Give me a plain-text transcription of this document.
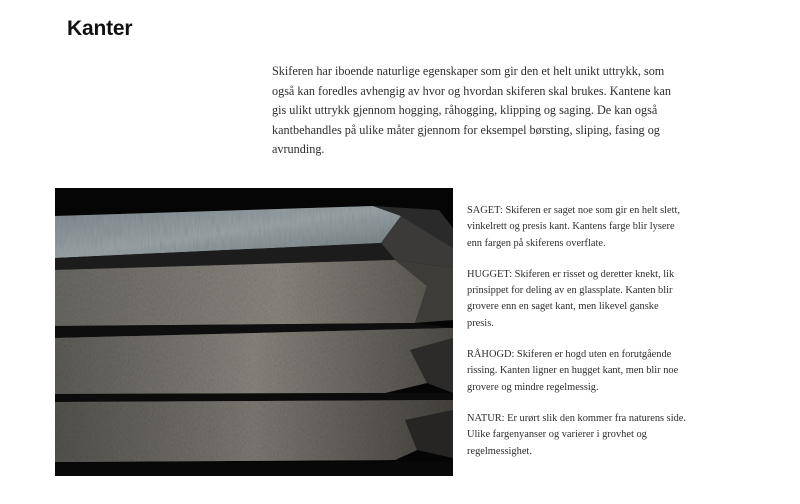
Kanter

Skiferen har iboende naturlige egenskaper som gir den et helt unikt uttrykk, som også kan foredles avhengig av hvor og hvordan skiferen skal brukes. Kantene kan gis ulikt uttrykk gjennom hogging, råhogging, klipping og saging. De kan også kantbehandles på ulike måter gjennom for eksempel børsting, sliping, fasing og avrunding.

SAGET: Skiferen er saget noe som gir en helt slett, vinkelrett og presis kant. Kantens farge blir lysere enn fargen på skiferens overflate.

HUGGET: Skiferen er risset og deretter knekt, lik prinsippet for deling av en glassplate. Kanten blir grovere enn en saget kant, men likevel ganske presis.

RÅHOGD: Skiferen er hogd uten en forutgående rissing. Kanten ligner en hugget kant, men blir noe grovere og mindre regelmessig.

NATUR: Er urørt slik den kommer fra naturens side. Ulike fargenyanser og varierer i grovhet og regelmessighet.
